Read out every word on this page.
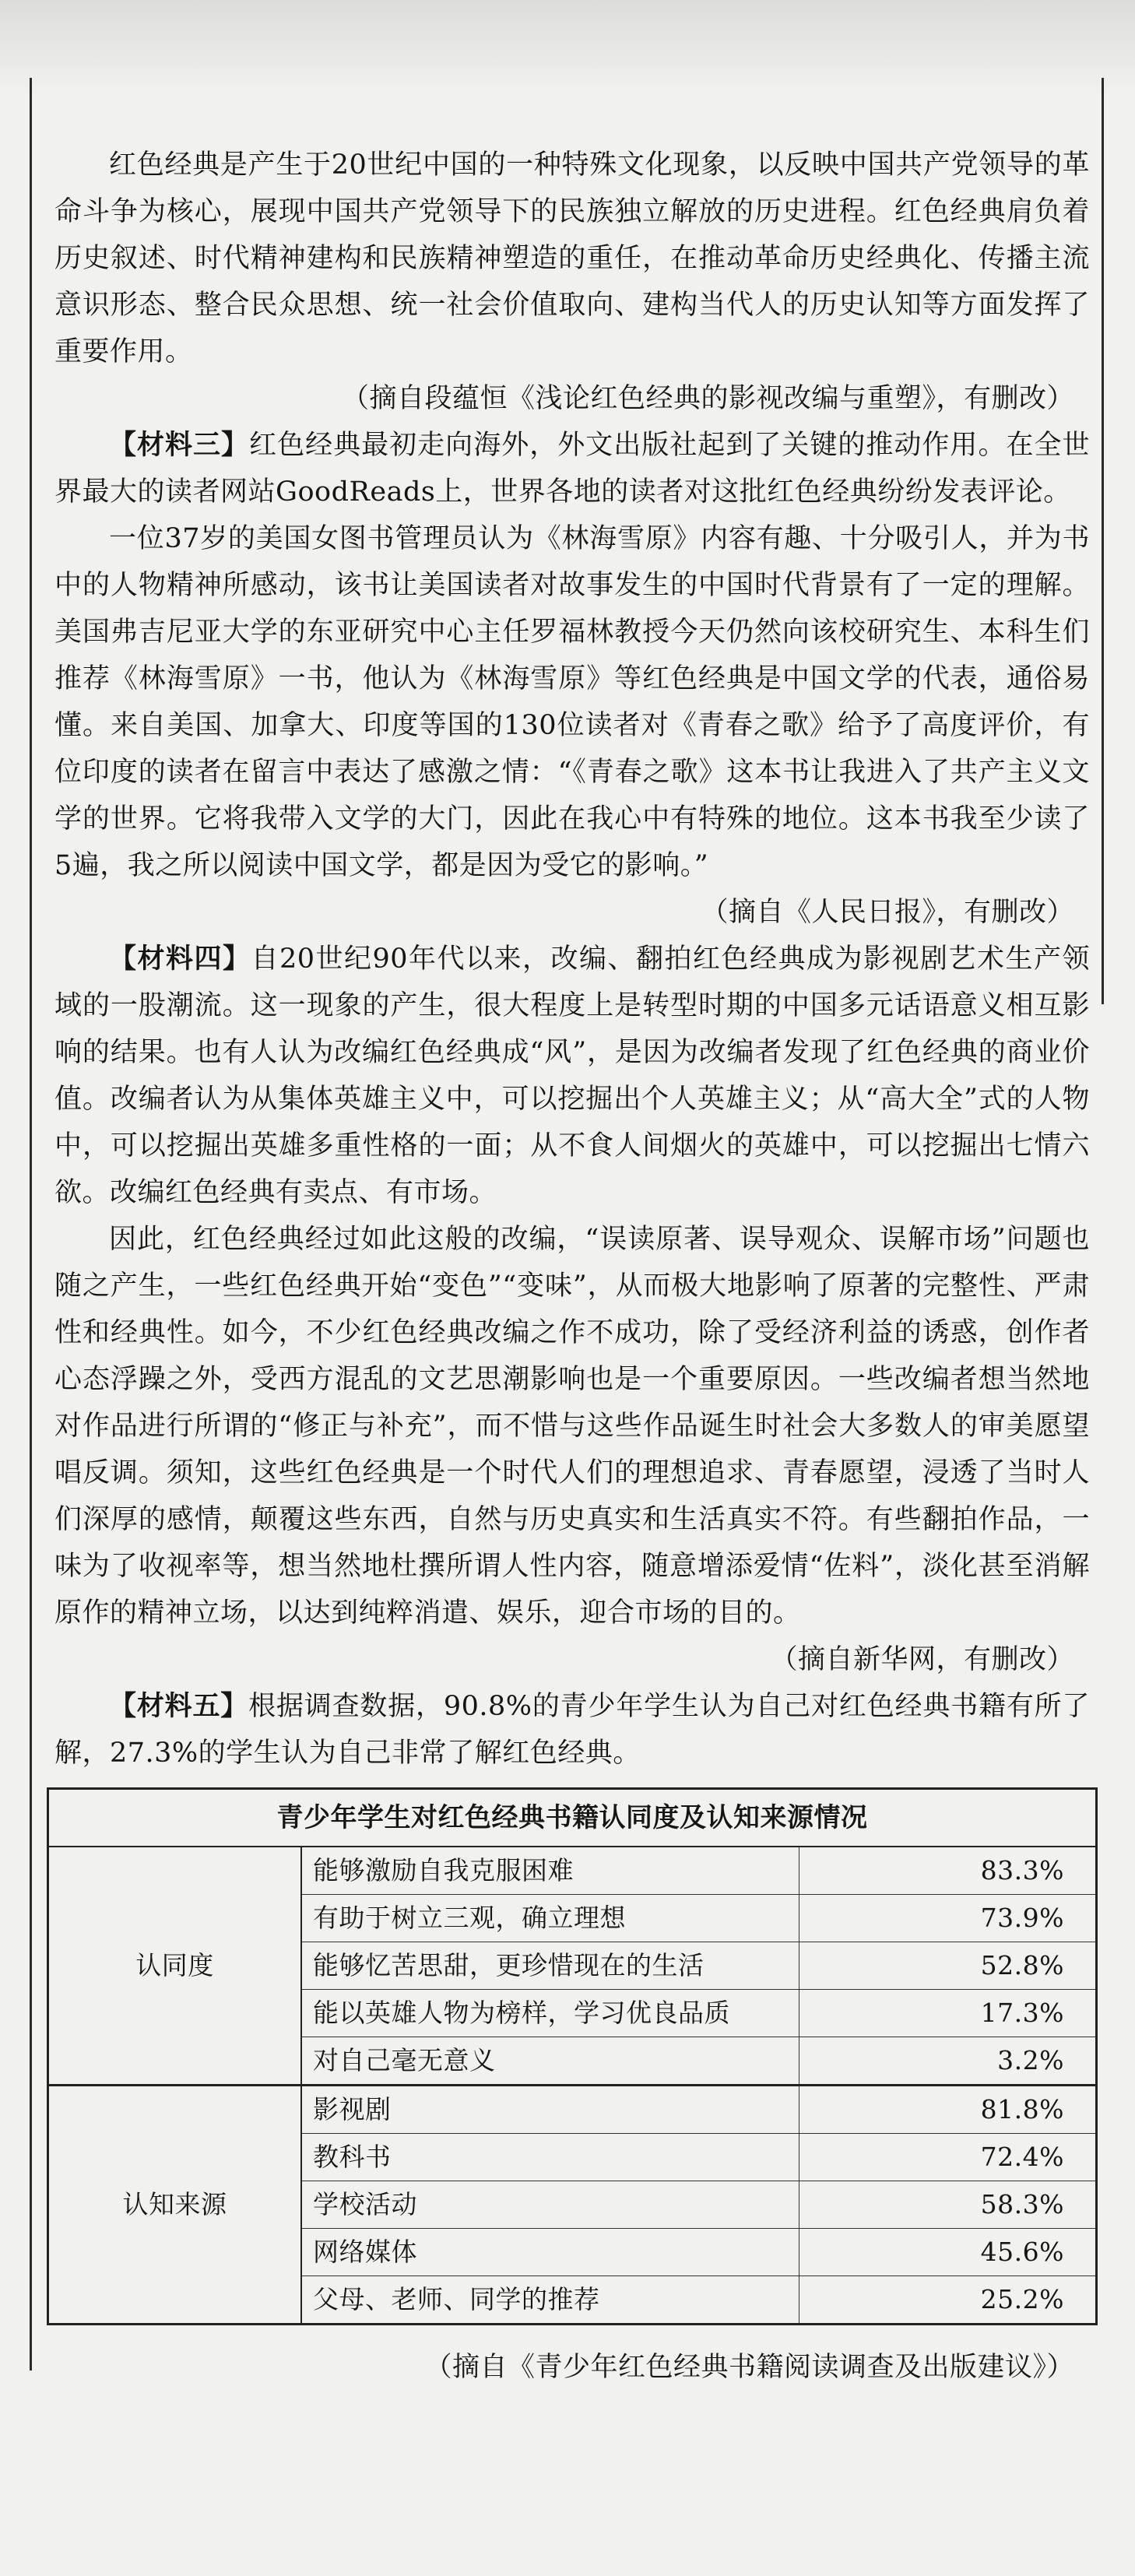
红色经典是产生于20世纪中国的一种特殊文化现象，以反映中国共产党领导的革命斗争为核心，展现中国共产党领导下的民族独立解放的历史进程。红色经典肩负着历史叙述、时代精神建构和民族精神塑造的重任，在推动革命历史经典化、传播主流意识形态、整合民众思想、统一社会价值取向、建构当代人的历史认知等方面发挥了重要作用。

（摘自段蕴恒《浅论红色经典的影视改编与重塑》，有删改）

【材料三】红色经典最初走向海外，外文出版社起到了关键的推动作用。在全世界最大的读者网站GoodReads上，世界各地的读者对这批红色经典纷纷发表评论。

一位37岁的美国女图书管理员认为《林海雪原》内容有趣、十分吸引人，并为书中的人物精神所感动，该书让美国读者对故事发生的中国时代背景有了一定的理解。美国弗吉尼亚大学的东亚研究中心主任罗福林教授今天仍然向该校研究生、本科生们推荐《林海雪原》一书，他认为《林海雪原》等红色经典是中国文学的代表，通俗易懂。来自美国、加拿大、印度等国的130位读者对《青春之歌》给予了高度评价，有位印度的读者在留言中表达了感激之情：“《青春之歌》这本书让我进入了共产主义文学的世界。它将我带入文学的大门，因此在我心中有特殊的地位。这本书我至少读了5遍，我之所以阅读中国文学，都是因为受它的影响。”

（摘自《人民日报》，有删改）

【材料四】自20世纪90年代以来，改编、翻拍红色经典成为影视剧艺术生产领域的一股潮流。这一现象的产生，很大程度上是转型时期的中国多元话语意义相互影响的结果。也有人认为改编红色经典成“风”，是因为改编者发现了红色经典的商业价值。改编者认为从集体英雄主义中，可以挖掘出个人英雄主义；从“高大全”式的人物中，可以挖掘出英雄多重性格的一面；从不食人间烟火的英雄中，可以挖掘出七情六欲。改编红色经典有卖点、有市场。

因此，红色经典经过如此这般的改编，“误读原著、误导观众、误解市场”问题也随之产生，一些红色经典开始“变色”“变味”，从而极大地影响了原著的完整性、严肃性和经典性。如今，不少红色经典改编之作不成功，除了受经济利益的诱惑，创作者心态浮躁之外，受西方混乱的文艺思潮影响也是一个重要原因。一些改编者想当然地对作品进行所谓的“修正与补充”，而不惜与这些作品诞生时社会大多数人的审美愿望唱反调。须知，这些红色经典是一个时代人们的理想追求、青春愿望，浸透了当时人们深厚的感情，颠覆这些东西，自然与历史真实和生活真实不符。有些翻拍作品，一味为了收视率等，想当然地杜撰所谓人性内容，随意增添爱情“佐料”，淡化甚至消解原作的精神立场，以达到纯粹消遣、娱乐，迎合市场的目的。

（摘自新华网，有删改）

【材料五】根据调查数据，90.8%的青少年学生认为自己对红色经典书籍有所了解，27.3%的学生认为自己非常了解红色经典。

青少年学生对红色经典书籍认同度及认知来源情况		
认同度	能够激励自我克服困难	83.3%
	有助于树立三观，确立理想	73.9%
	能够忆苦思甜，更珍惜现在的生活	52.8%
	能以英雄人物为榜样，学习优良品质	17.3%
	对自己毫无意义	3.2%
认知来源	影视剧	81.8%
	教科书	72.4%
	学校活动	58.3%
	网络媒体	45.6%
	父母、老师、同学的推荐	25.2%

（摘自《青少年红色经典书籍阅读调查及出版建议》）
